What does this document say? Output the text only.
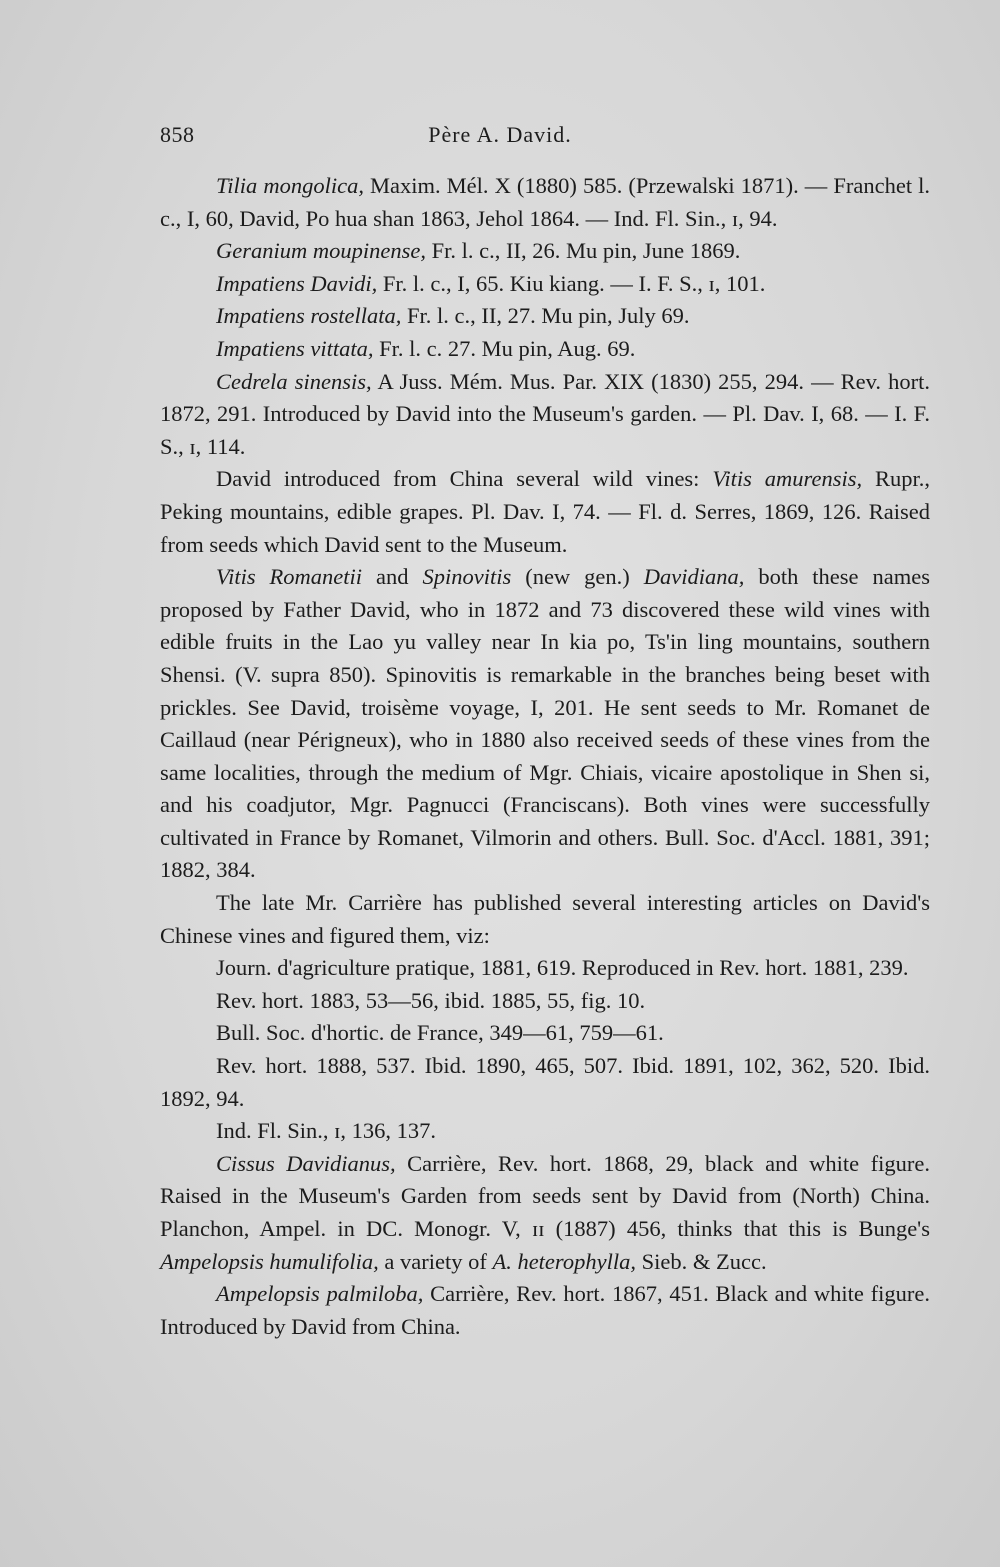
858	Père A. David.

Tilia mongolica, Maxim. Mél. X (1880) 585. (Przewalski 1871). — Franchet l. c., I, 60, David, Po hua shan 1863, Jehol 1864. — Ind. Fl. Sin., ɪ, 94.

Geranium moupinense, Fr. l. c., II, 26. Mu pin, June 1869.

Impatiens Davidi, Fr. l. c., I, 65. Kiu kiang. — I. F. S., ɪ, 101.

Impatiens rostellata, Fr. l. c., II, 27. Mu pin, July 69.

Impatiens vittata, Fr. l. c. 27. Mu pin, Aug. 69.

Cedrela sinensis, A Juss. Mém. Mus. Par. XIX (1830) 255, 294. — Rev. hort. 1872, 291. Introduced by David into the Museum's garden. — Pl. Dav. I, 68. — I. F. S., ɪ, 114.

David introduced from China several wild vines: Vitis amurensis, Rupr., Peking mountains, edible grapes. Pl. Dav. I, 74. — Fl. d. Serres, 1869, 126. Raised from seeds which David sent to the Museum.

Vitis Romanetii and Spinovitis (new gen.) Davidiana, both these names proposed by Father David, who in 1872 and 73 discovered these wild vines with edible fruits in the Lao yu valley near In kia po, Ts'in ling mountains, southern Shensi. (V. supra 850). Spinovitis is remarkable in the branches being beset with prickles. See David, troisème voyage, I, 201. He sent seeds to Mr. Romanet de Caillaud (near Périgneux), who in 1880 also received seeds of these vines from the same localities, through the medium of Mgr. Chiais, vicaire apostolique in Shen si, and his coadjutor, Mgr. Pagnucci (Franciscans). Both vines were successfully cultivated in France by Romanet, Vilmorin and others. Bull. Soc. d'Accl. 1881, 391; 1882, 384.

The late Mr. Carrière has published several interesting articles on David's Chinese vines and figured them, viz:

Journ. d'agriculture pratique, 1881, 619. Reproduced in Rev. hort. 1881, 239.

Rev. hort. 1883, 53—56, ibid. 1885, 55, fig. 10.

Bull. Soc. d'hortic. de France, 349—61, 759—61.

Rev. hort. 1888, 537. Ibid. 1890, 465, 507. Ibid. 1891, 102, 362, 520. Ibid. 1892, 94.

Ind. Fl. Sin., ɪ, 136, 137.

Cissus Davidianus, Carrière, Rev. hort. 1868, 29, black and white figure. Raised in the Museum's Garden from seeds sent by David from (North) China. Planchon, Ampel. in DC. Monogr. V, ɪɪ (1887) 456, thinks that this is Bunge's Ampelopsis humulifolia, a variety of A. heterophylla, Sieb. & Zucc.

Ampelopsis palmiloba, Carrière, Rev. hort. 1867, 451. Black and white figure. Introduced by David from China.
